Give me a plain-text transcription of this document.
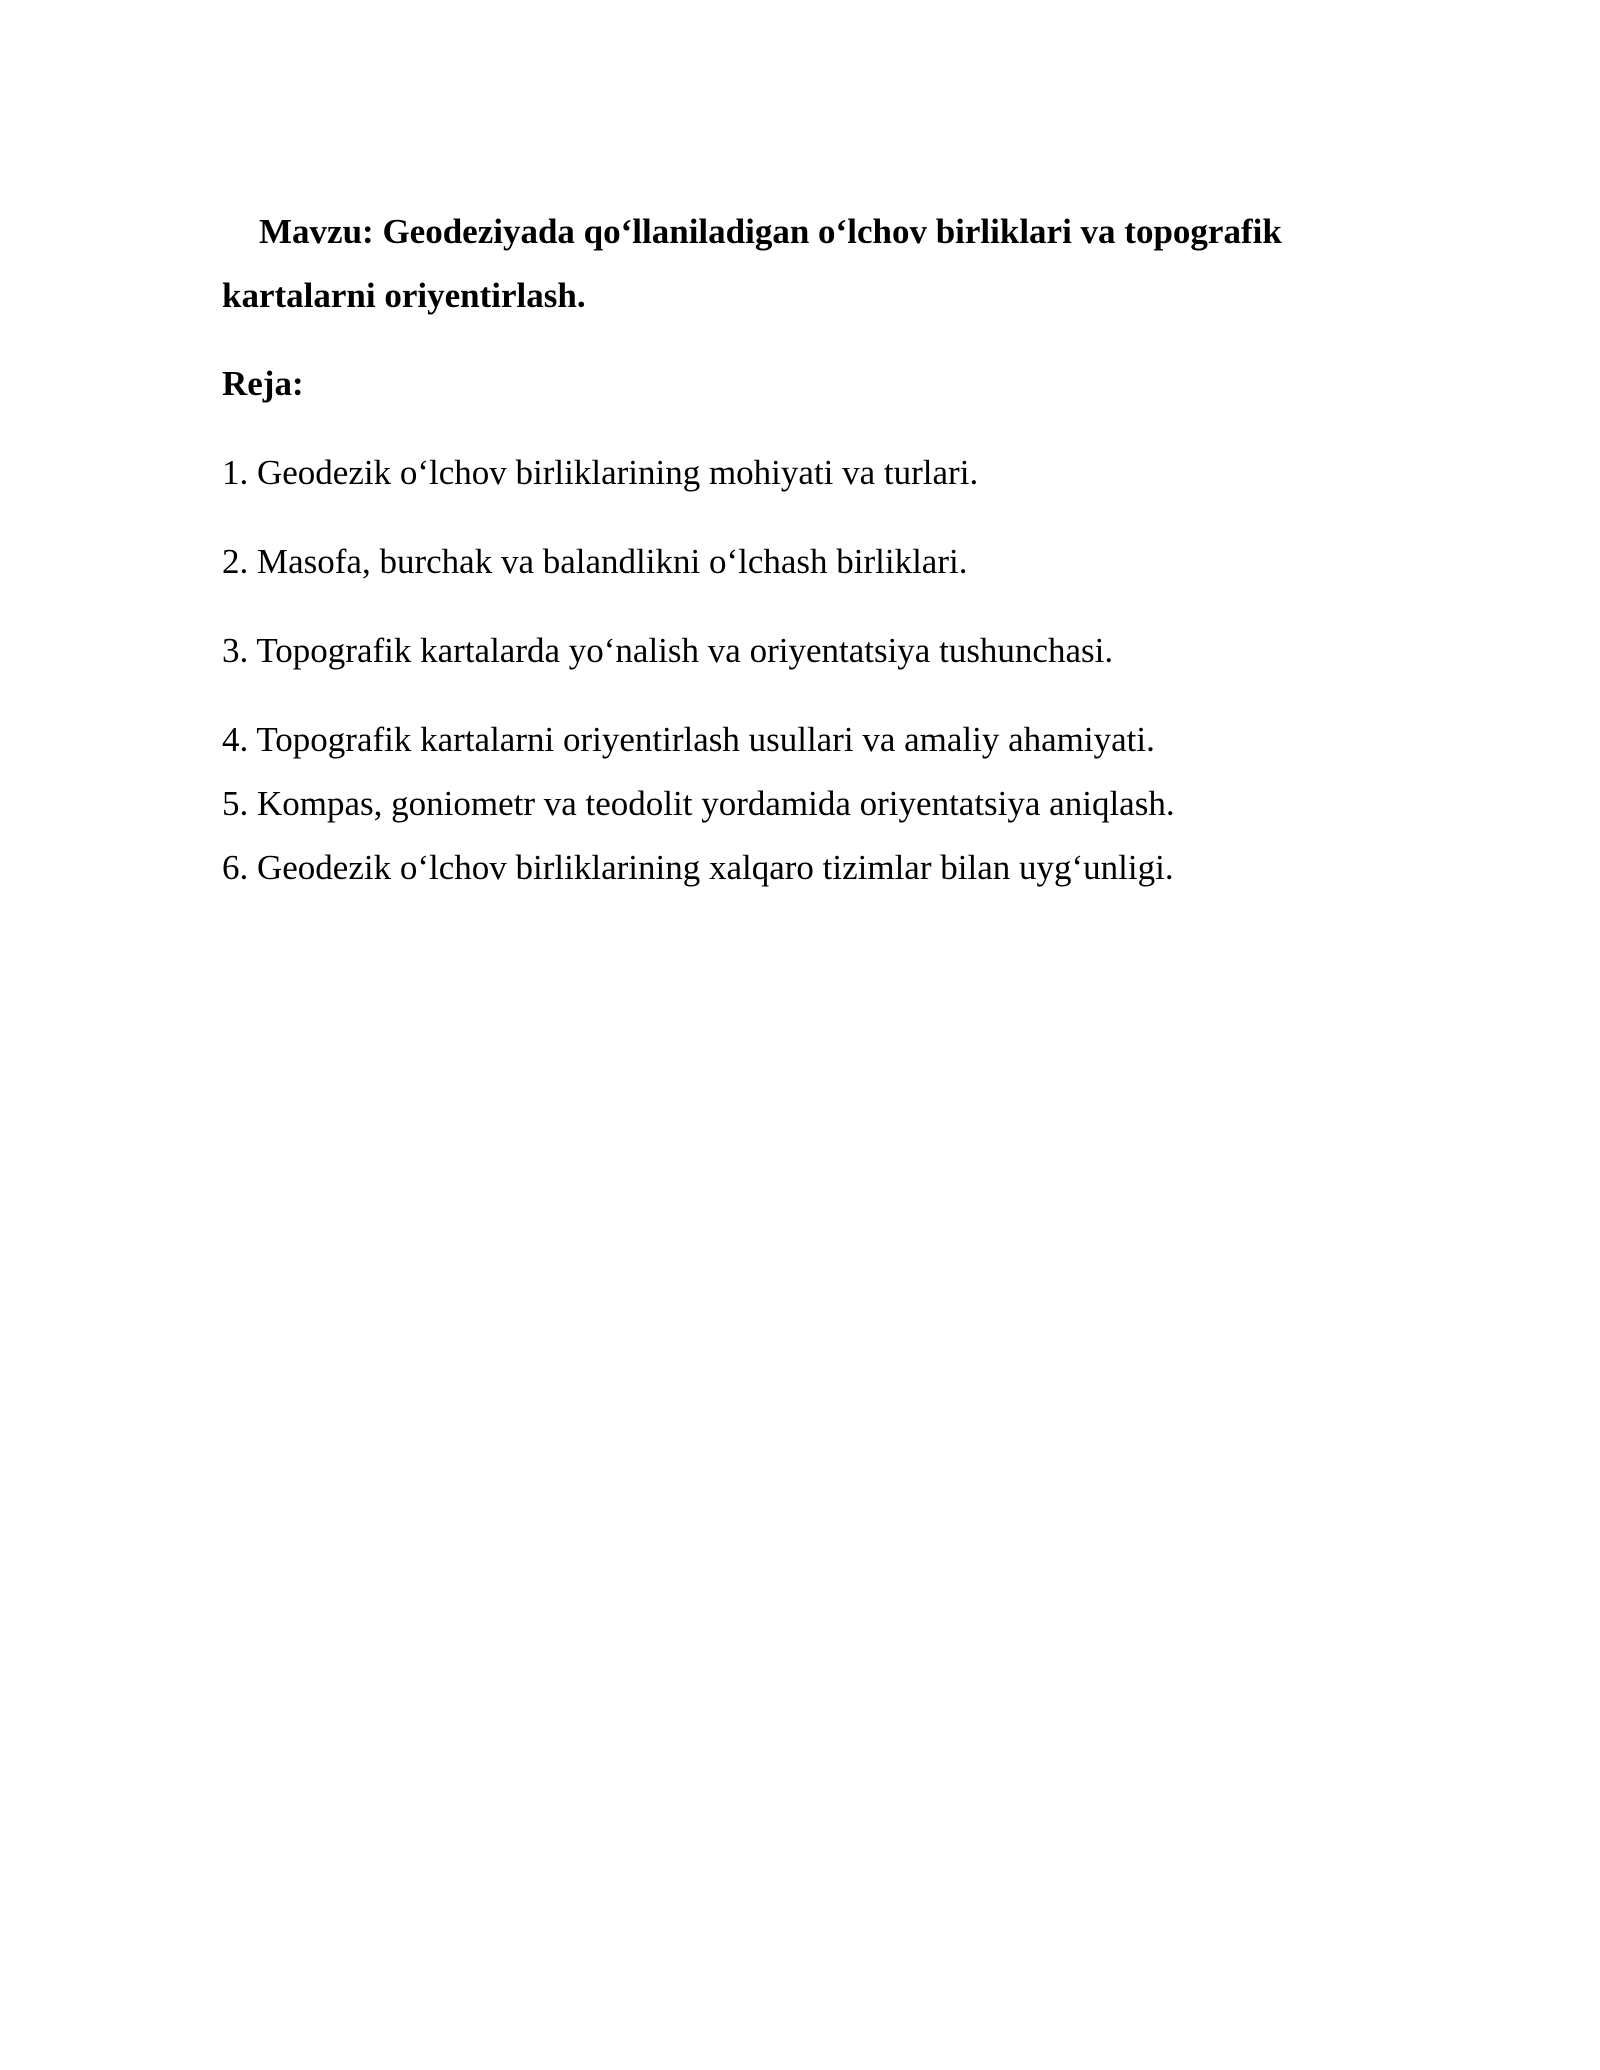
Mavzu: Geodeziyada qo‘llaniladigan o‘lchov birliklari va topografik kartalarni oriyentirlash.

Reja:

1. Geodezik o‘lchov birliklarining mohiyati va turlari.
2. Masofa, burchak va balandlikni o‘lchash birliklari.
3. Topografik kartalarda yo‘nalish va oriyentatsiya tushunchasi.
4. Topografik kartalarni oriyentirlash usullari va amaliy ahamiyati.
5. Kompas, goniometr va teodolit yordamida oriyentatsiya aniqlash.
6. Geodezik o‘lchov birliklarining xalqaro tizimlar bilan uyg‘unligi.
